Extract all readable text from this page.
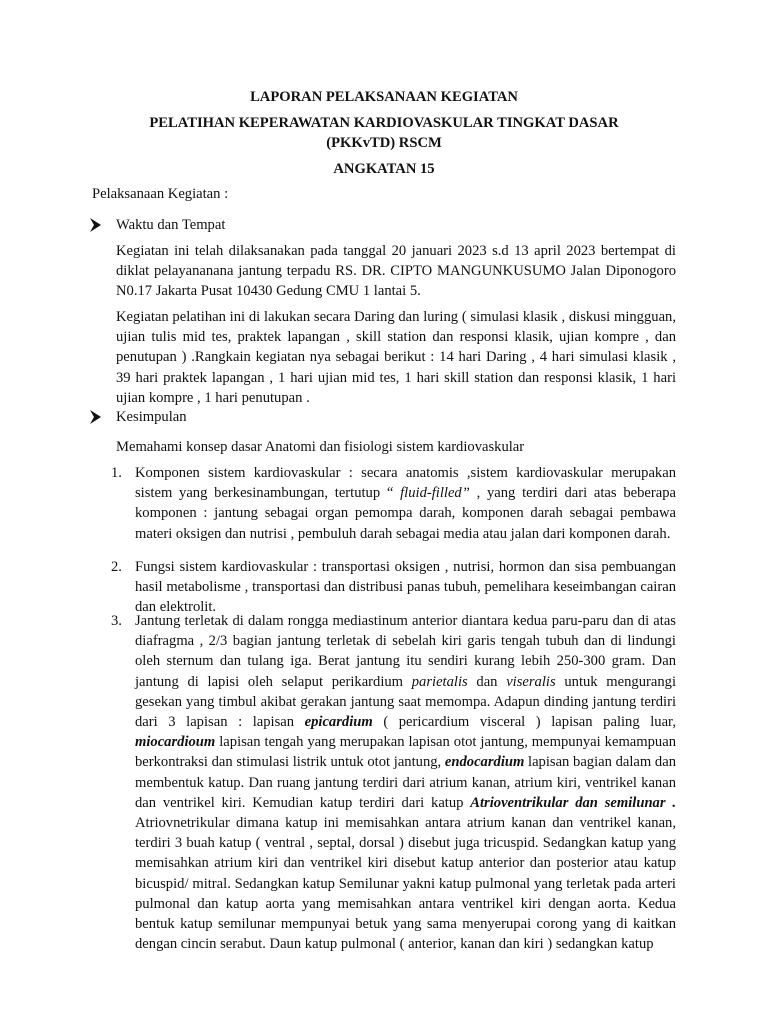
LAPORAN PELAKSANAAN KEGIATAN
PELATIHAN KEPERAWATAN KARDIOVASKULAR TINGKAT DASAR
(PKKvTD) RSCM
ANGKATAN 15
Pelaksanaan Kegiatan :
Waktu dan Tempat
Kegiatan ini telah dilaksanakan pada tanggal 20 januari 2023 s.d 13 april 2023 bertempat di diklat pelayananana jantung terpadu RS. DR. CIPTO MANGUNKUSUMO Jalan Diponogoro N0.17 Jakarta Pusat 10430 Gedung CMU 1 lantai 5.
Kegiatan pelatihan ini di lakukan secara Daring dan luring ( simulasi klasik , diskusi mingguan, ujian tulis mid tes, praktek lapangan , skill station dan responsi klasik, ujian kompre , dan penutupan ) .Rangkain kegiatan nya sebagai berikut : 14 hari Daring , 4 hari simulasi klasik , 39 hari praktek lapangan , 1 hari ujian mid tes, 1 hari skill station dan responsi klasik, 1 hari ujian kompre , 1 hari penutupan .
Kesimpulan
Memahami konsep dasar Anatomi dan fisiologi sistem kardiovaskular
1. Komponen sistem kardiovaskular : secara anatomis ,sistem kardiovaskular merupakan sistem yang berkesinambungan, tertutup “ fluid-filled” , yang terdiri dari atas beberapa komponen : jantung sebagai organ pemompa darah, komponen darah sebagai pembawa materi oksigen dan nutrisi , pembuluh darah sebagai media atau jalan dari komponen darah.
2. Fungsi sistem kardiovaskular : transportasi oksigen , nutrisi, hormon dan sisa pembuangan hasil metabolisme , transportasi dan distribusi panas tubuh, pemelihara keseimbangan cairan dan elektrolit.
3. Jantung terletak di dalam rongga mediastinum anterior diantara kedua paru-paru dan di atas diafragma , 2/3 bagian jantung terletak di sebelah kiri garis tengah tubuh dan di lindungi oleh sternum dan tulang iga. Berat jantung itu sendiri kurang lebih 250-300 gram. Dan jantung di lapisi oleh selaput perikardium parietalis dan viseralis untuk mengurangi gesekan yang timbul akibat gerakan jantung saat memompa. Adapun dinding jantung terdiri dari 3 lapisan : lapisan epicardium ( pericardium visceral ) lapisan paling luar, miocardioum lapisan tengah yang merupakan lapisan otot jantung, mempunyai kemampuan berkontraksi dan stimulasi listrik untuk otot jantung, endocardium lapisan bagian dalam dan membentuk katup. Dan ruang jantung terdiri dari atrium kanan, atrium kiri, ventrikel kanan dan ventrikel kiri. Kemudian katup terdiri dari katup Atrioventrikular dan semilunar . Atriovnetrikular dimana katup ini memisahkan antara atrium kanan dan ventrikel kanan, terdiri 3 buah katup ( ventral , septal, dorsal ) disebut juga tricuspid. Sedangkan katup yang memisahkan atrium kiri dan ventrikel kiri disebut katup anterior dan posterior atau katup bicuspid/ mitral. Sedangkan katup Semilunar yakni katup pulmonal yang terletak pada arteri pulmonal dan katup aorta yang memisahkan antara ventrikel kiri dengan aorta. Kedua bentuk katup semilunar mempunyai betuk yang sama menyerupai corong yang di kaitkan dengan cincin serabut. Daun katup pulmonal ( anterior, kanan dan kiri ) sedangkan katup
